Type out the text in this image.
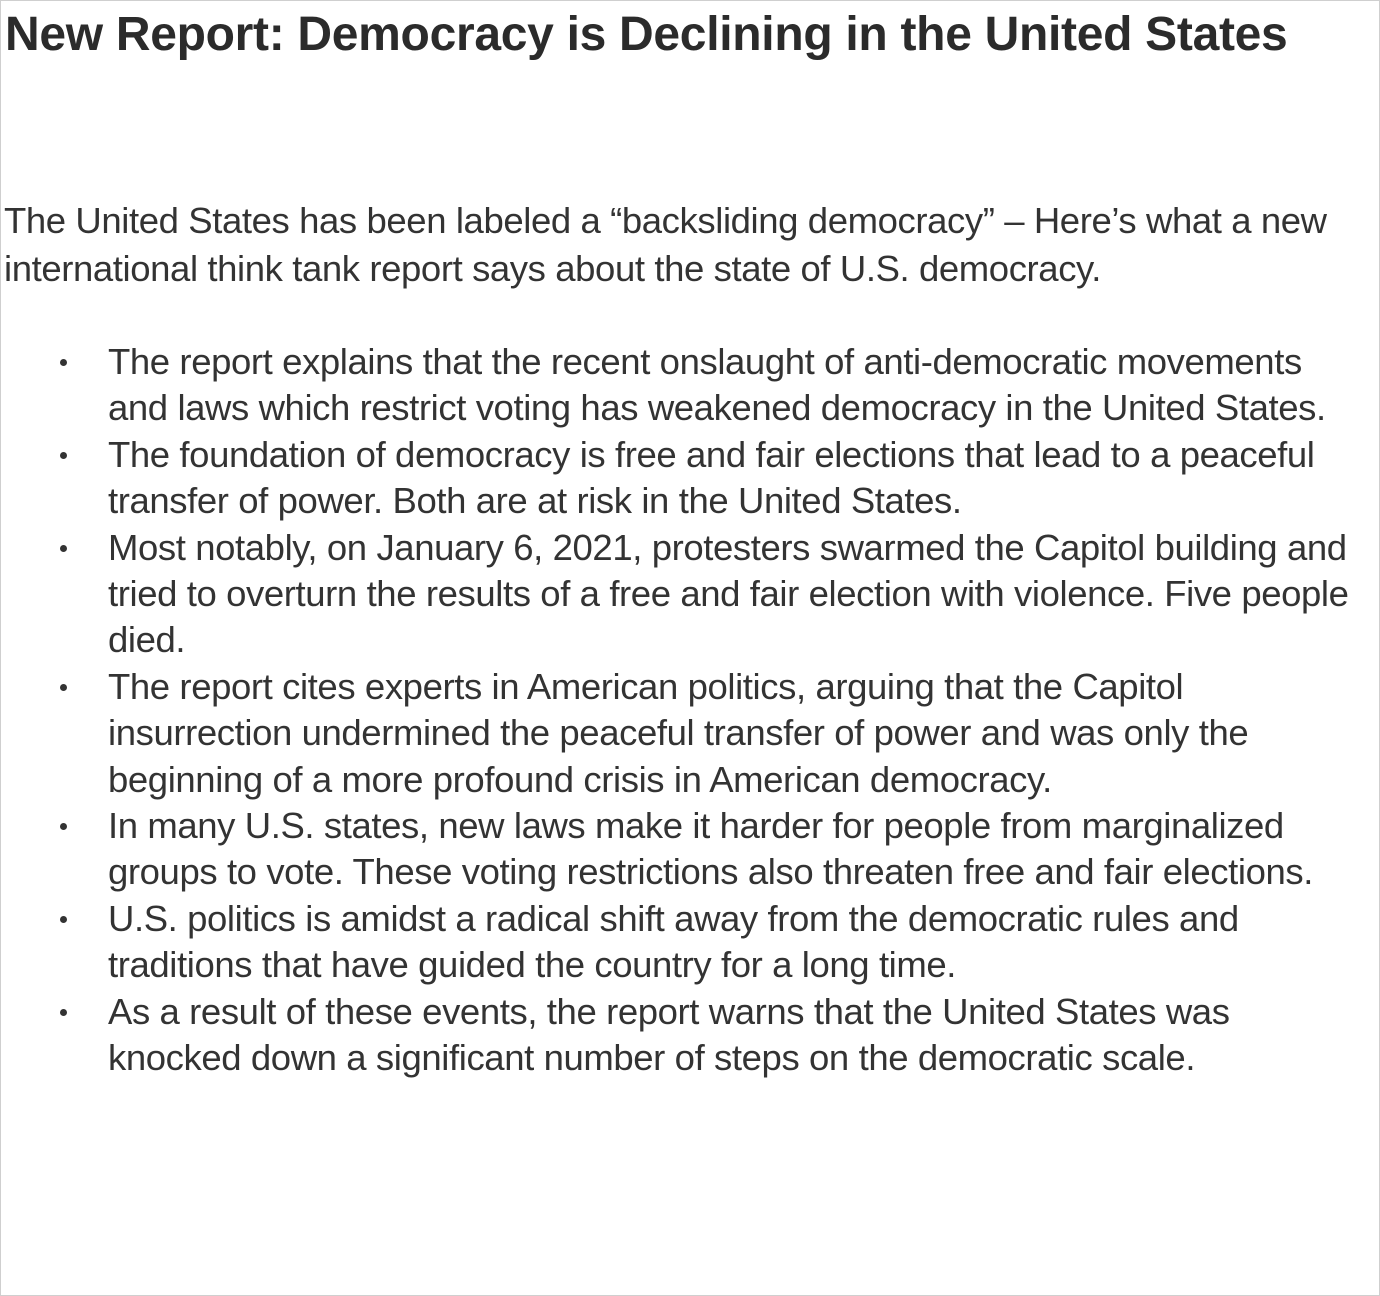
New Report: Democracy is Declining in the United States

The United States has been labeled a “backsliding democracy” – Here’s what a new international think tank report says about the state of U.S. democracy.

The report explains that the recent onslaught of anti-democratic movements and laws which restrict voting has weakened democracy in the United States.
The foundation of democracy is free and fair elections that lead to a peaceful transfer of power. Both are at risk in the United States.
Most notably, on January 6, 2021, protesters swarmed the Capitol building and tried to overturn the results of a free and fair election with violence. Five people died.
The report cites experts in American politics, arguing that the Capitol insurrection undermined the peaceful transfer of power and was only the beginning of a more profound crisis in American democracy.
In many U.S. states, new laws make it harder for people from marginalized groups to vote. These voting restrictions also threaten free and fair elections.
U.S. politics is amidst a radical shift away from the democratic rules and traditions that have guided the country for a long time.
As a result of these events, the report warns that the United States was knocked down a significant number of steps on the democratic scale.
